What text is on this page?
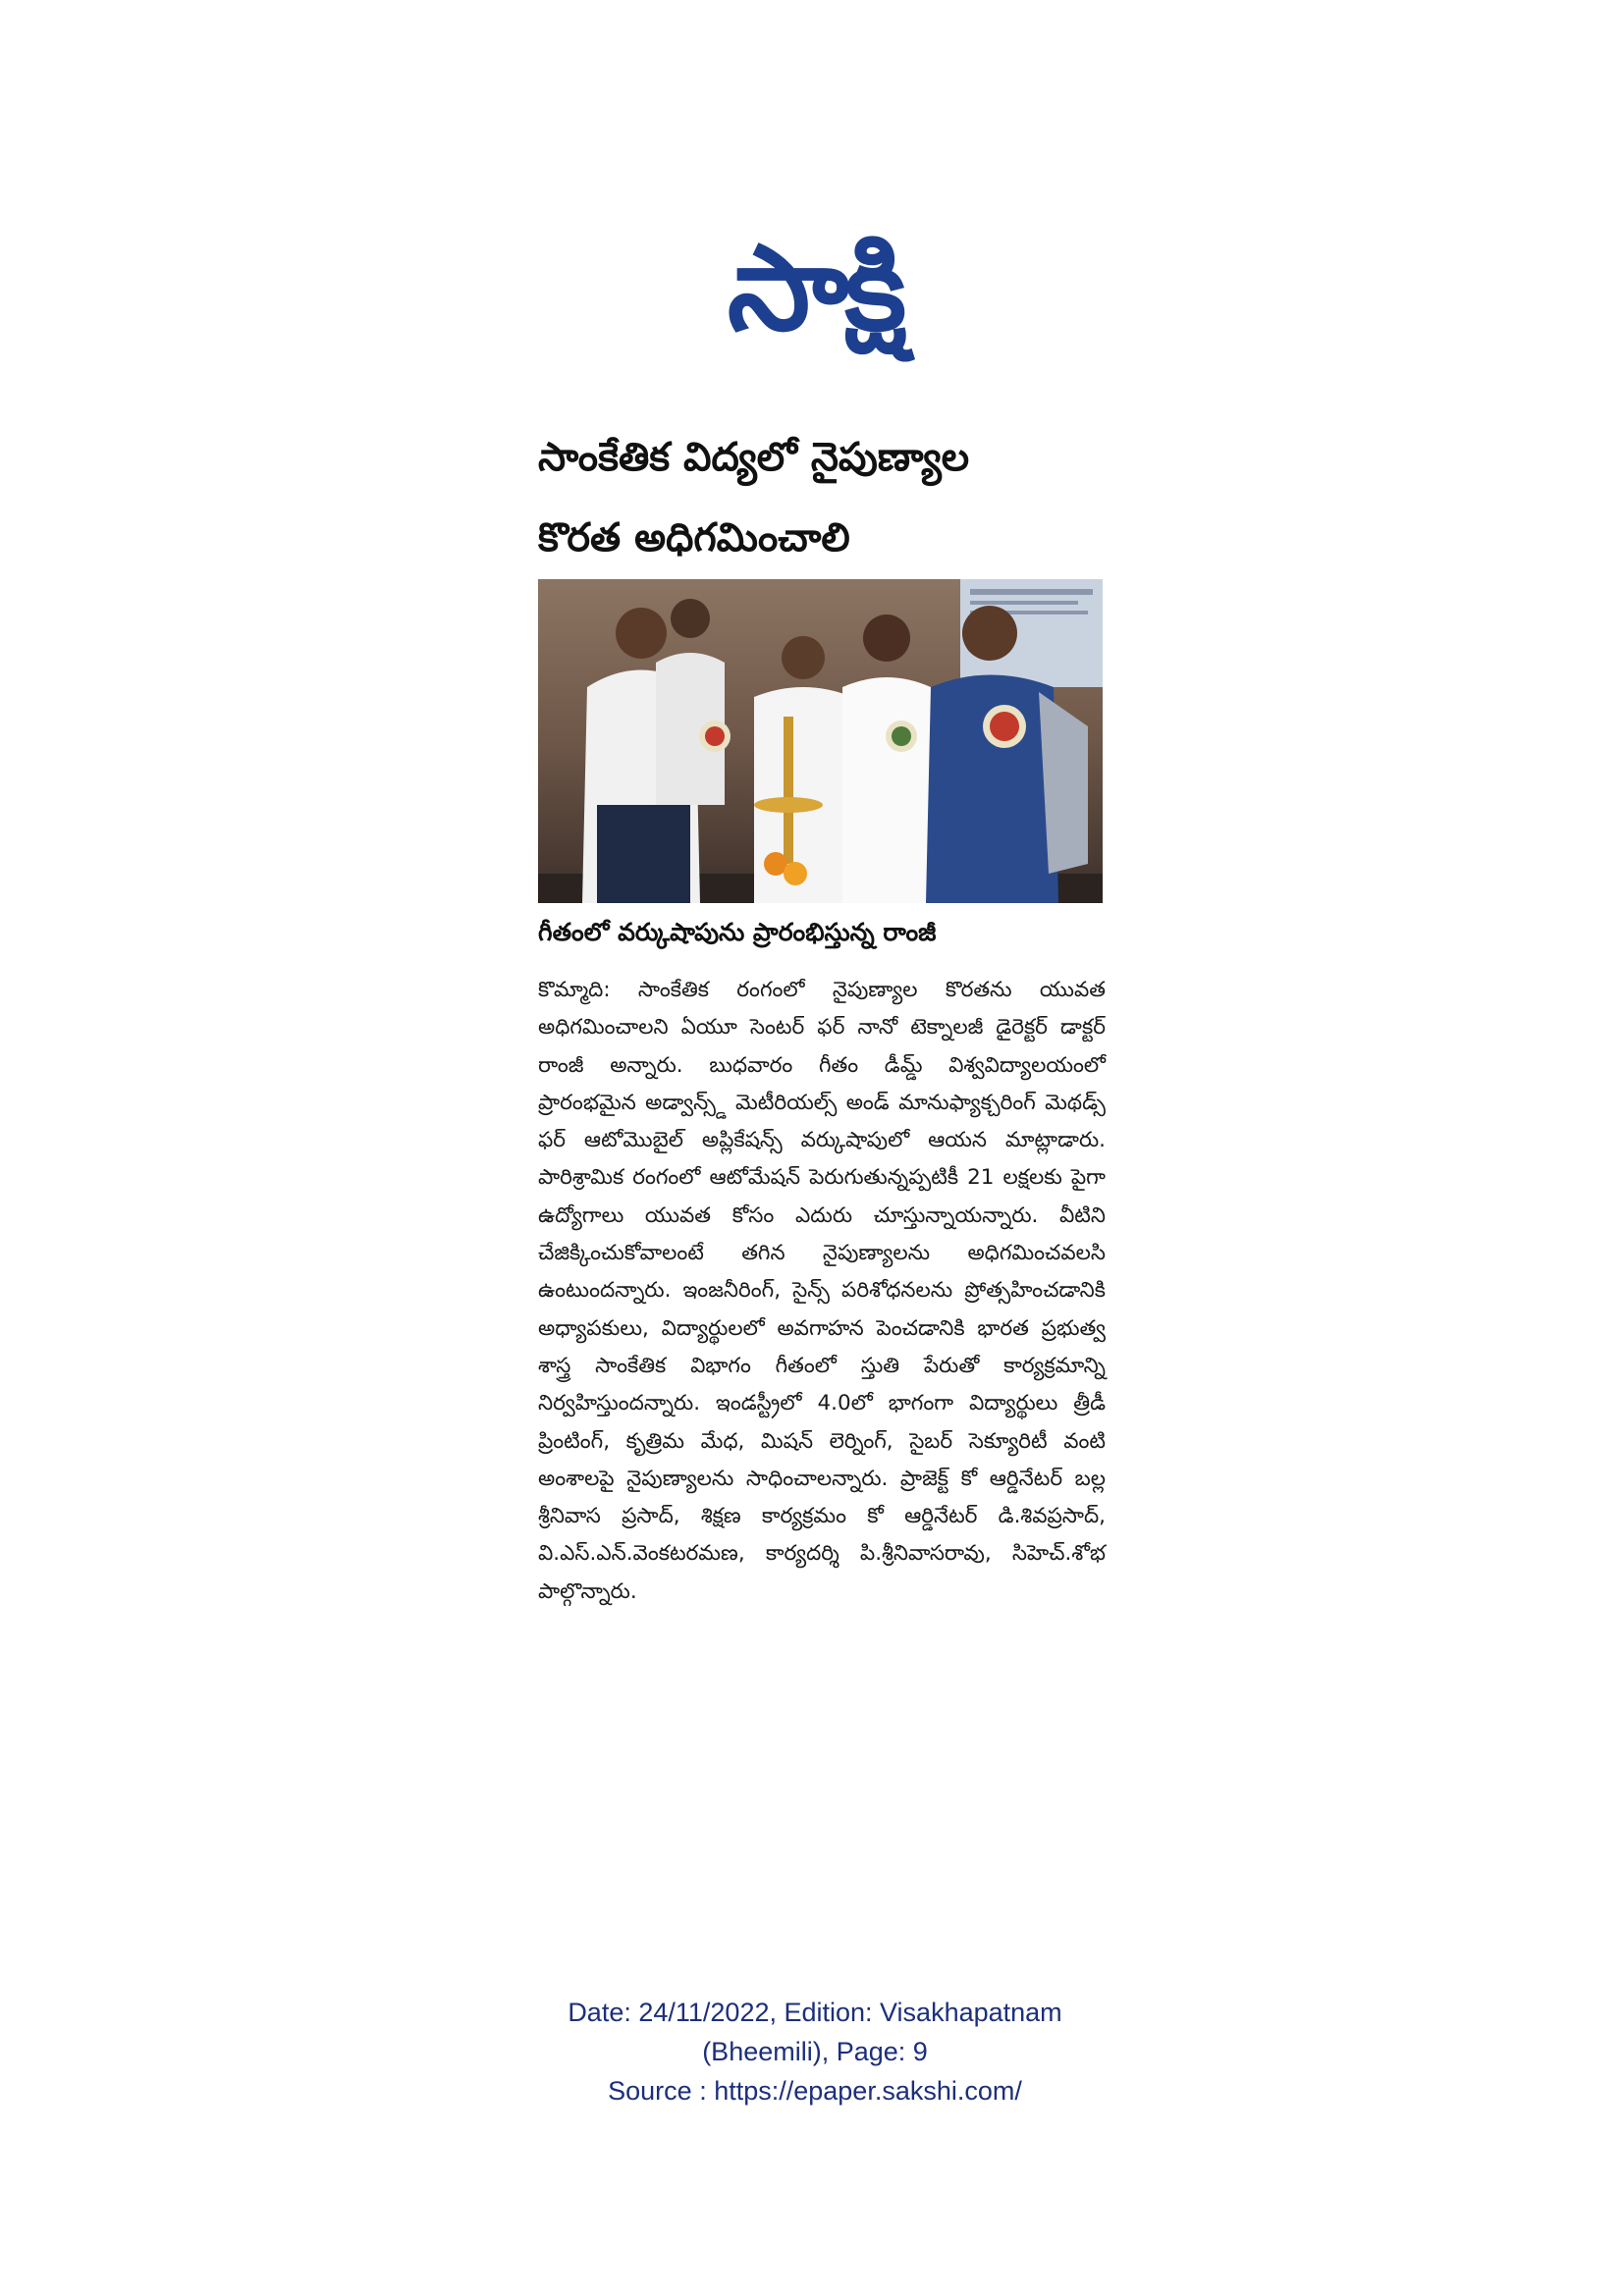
సాక్షి
సాంకేతిక విద్యలో నైపుణ్యాల
కొరత అధిగమించాలి
గీతంలో వర్కుషాపును ప్రారంభిస్తున్న రాంజీ
కొమ్మాది: సాంకేతిక రంగంలో నైపుణ్యాల కొరతను యువత అధిగమించాలని ఏయూ సెంటర్ ఫర్ నానో టెక్నాలజీ డైరెక్టర్ డాక్టర్ రాంజీ అన్నారు. బుధవారం గీతం డీమ్డ్ విశ్వవిద్యాలయంలో ప్రారంభమైన అడ్వాన్స్డ్ మెటీరియల్స్ అండ్ మానుఫ్యాక్చరింగ్ మెథడ్స్ ఫర్ ఆటోమొబైల్ అప్లికేషన్స్ వర్కుషాపులో ఆయన మాట్లాడారు. పారిశ్రామిక రంగంలో ఆటోమేషన్ పెరుగుతున్నప్పటికీ 21 లక్షలకు పైగా ఉద్యోగాలు యువత కోసం ఎదురు చూస్తున్నాయన్నారు. వీటిని చేజిక్కించుకోవాలంటే తగిన నైపుణ్యాలను అధిగమించవలసి ఉంటుందన్నారు. ఇంజనీరింగ్, సైన్స్ పరిశోధనలను ప్రోత్సహించడానికి అధ్యాపకులు, విద్యార్థులలో అవగాహన పెంచడానికి భారత ప్రభుత్వ శాస్త్ర సాంకేతిక విభాగం గీతంలో స్తుతి పేరుతో కార్యక్రమాన్ని నిర్వహిస్తుందన్నారు. ఇండస్ట్రీలో 4.0లో భాగంగా విద్యార్థులు త్రీడీ ప్రింటింగ్, కృత్రిమ మేధ, మిషన్ లెర్నింగ్, సైబర్ సెక్యూరిటీ వంటి అంశాలపై నైపుణ్యాలను సాధించాలన్నారు. ప్రాజెక్ట్ కో ఆర్డినేటర్ బల్ల శ్రీనివాస ప్రసాద్, శిక్షణ కార్యక్రమం కో ఆర్డినేటర్ డి.శివప్రసాద్, వి.ఎస్.ఎన్.వెంకటరమణ, కార్యదర్శి పి.శ్రీనివాసరావు, సిహెచ్.శోభ పాల్గొన్నారు.
Date: 24/11/2022, Edition: Visakhapatnam
(Bheemili), Page: 9
Source : https://epaper.sakshi.com/
